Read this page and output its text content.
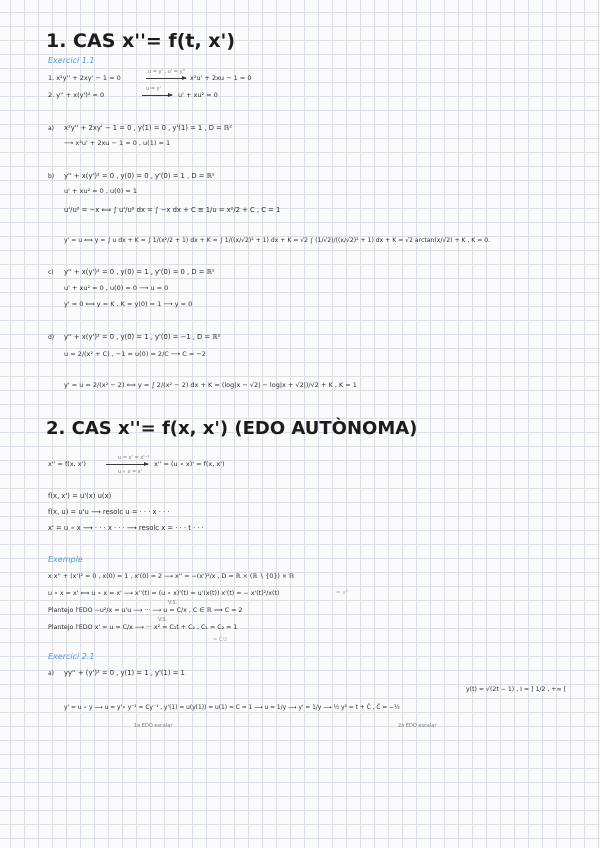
1. CAS x''= f(t, x')
Exercici 1.1
1. x²y'' + 2xy' − 1 = 0
u = y' , u' = y''
x²u' + 2xu − 1 = 0
2. y'' + x(y')² = 0
u = y'
u' + xu² = 0
a) x²y'' + 2xy' − 1 = 0 , y(1) = 0 , y'(1) = 1 , D = ℝ²
⟶ x²u' + 2xu − 1 = 0 , u(1) = 1
b) y'' + x(y')² = 0 , y(0) = 0 , y'(0) = 1 , D = ℝ²
u' + xu² = 0 , u(0) = 1
u'/u² = −x ⟺ ∫ u'/u² dx = ∫ −x dx + C ≡ 1/u = x²/2 + C , C = 1
y' = u ⟺ y = ∫ u dx + K = ∫ 1/(x²/2 + 1) dx + K = ∫ 1/((x/√2)² + 1) dx + K = √2 ∫ (1/√2)/((x/√2)² + 1) dx + K = √2 arctan(x/√2) + K , K = 0.
c) y'' + x(y')² = 0 , y(0) = 1 , y'(0) = 0 , D = ℝ²
u' + xu² = 0 , u(0) = 0 ⟶ u = 0
y' = 0 ⟺ y = K . K = y(0) = 1 ⟶ y = 0
d) y'' + x(y')² = 0 , y(0) = 1 , y'(0) = −1 , D = ℝ²
u = 2/(x² + C) , −1 = u(0) = 2/C ⟶ C = −2
y' = u = 2/(x² − 2) ⟺ y = ∫ 2/(x² − 2) dx + K = (log|x − √2| − log|x + √2|)/√2 + K , K = 1
2. CAS x''= f(x, x') (EDO AUTÒNOMA)
x'' = f(x, x')
u = x' = x'⁻¹
u ∘ x = x'
x'' = (u ∘ x)' = f(x, x')
f(x, x') = u'(x) u(x)
f(x, u) = u'u ⟶ resolc u = · · · x · · ·
x' = u ∘ x ⟶ · · · x · · · ⟶ resolc x = · · · t · · ·
Exemple
x x'' + (x')² = 0 , x(0) = 1 , x'(0) = 2 ⟶ x'' = −(x')²/x , D = ℝ × (ℝ ∖ {0}) × ℝ
u ∘ x = x' ⟺ u ∘ x = x' ⟶ x''(t) = (u ∘ x)'(t) = u'(x(t)) x'(t) = − x'(t)²/x(t)	= x''
V.S.
Plantejo l'EDO −u²/x = u'u ⟶ ··· ⟶ u = C/x , C ∈ ℝ ⟹ C = 2
V.S.
Plantejo l'EDO x' = u = C/x ⟶ ··· x² = C₁t + C₂ , C₁ = C₂ = 1
= C/2
Exercici 2.1
a) yy'' + (y')² = 0 , y(1) = 1 , y'(1) = 1
y(t) = √(2t − 1) , I = ] 1/2 , +∞ [
y' = u ∘ y ⟶ u = y'∘ y⁻¹ = Cy⁻¹ , y'(1) = u(y(1)) = u(1) = C = 1 ⟶ u = 1/y ⟶ y' = 1/y ⟶ ½ y² = t + C̃ , C̃ = −½
1a EDO escalar	2a EDO escalar
